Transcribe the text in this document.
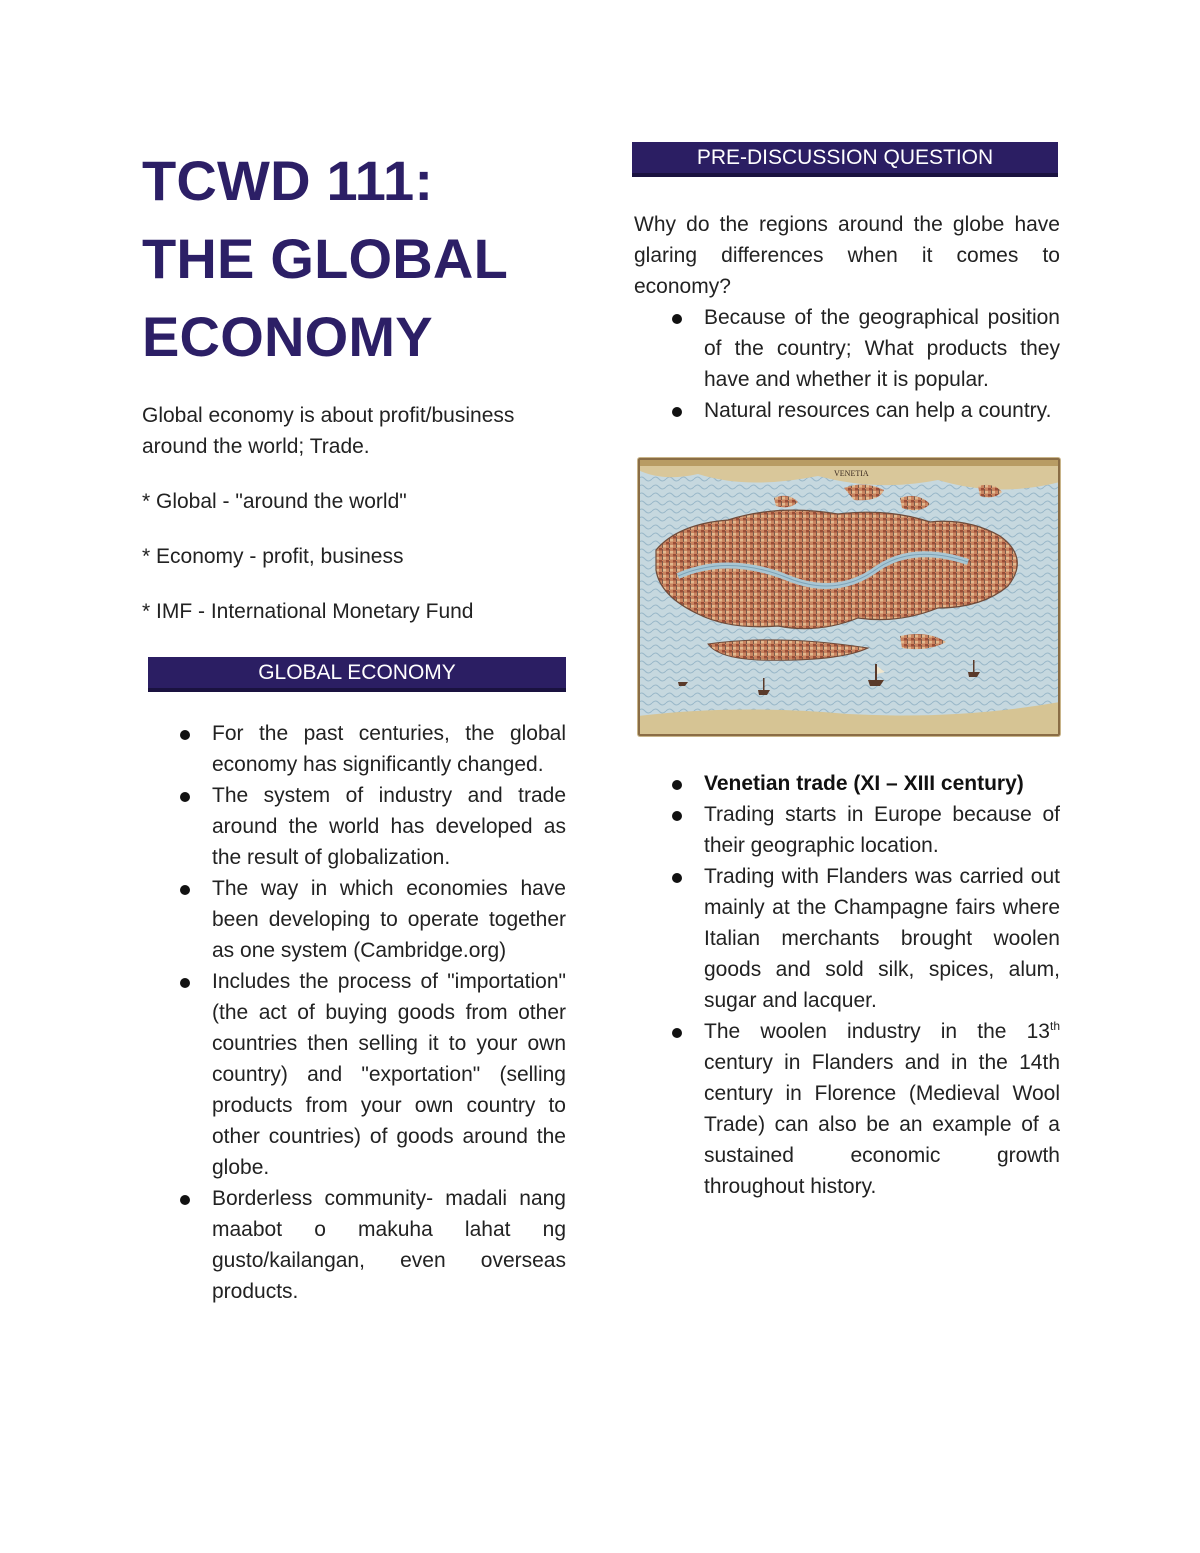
TCWD 111:
THE GLOBAL
ECONOMY

Global economy is about profit/business around the world; Trade.

* Global - "around the world"

* Economy - profit, business

* IMF - International Monetary Fund

GLOBAL ECONOMY
For the past centuries, the global economy has significantly changed.
The system of industry and trade around the world has developed as the result of globalization.
The way in which economies have been developing to operate together as one system (Cambridge.org)
Includes the process of "importation" (the act of buying goods from other countries then selling it to your own country) and "exportation" (selling products from your own country to other countries) of goods around the globe.
Borderless community- madali nang maabot o makuha lahat ng gusto/kailangan, even overseas products.
PRE-DISCUSSION QUESTION

Why do the regions around the globe have glaring differences when it comes to economy?

Because of the geographical position of the country; What products they have and whether it is popular.
Natural resources can help a country.
VENETIA
Venetian trade (XI – XIII century)
Trading starts in Europe because of their geographic location.
Trading with Flanders was carried out mainly at the Champagne fairs where Italian merchants brought woolen goods and sold silk, spices, alum, sugar and lacquer.
The woolen industry in the 13th century in Flanders and in the 14th century in Florence (Medieval Wool Trade) can also be an example of a sustained economic growth throughout history.
